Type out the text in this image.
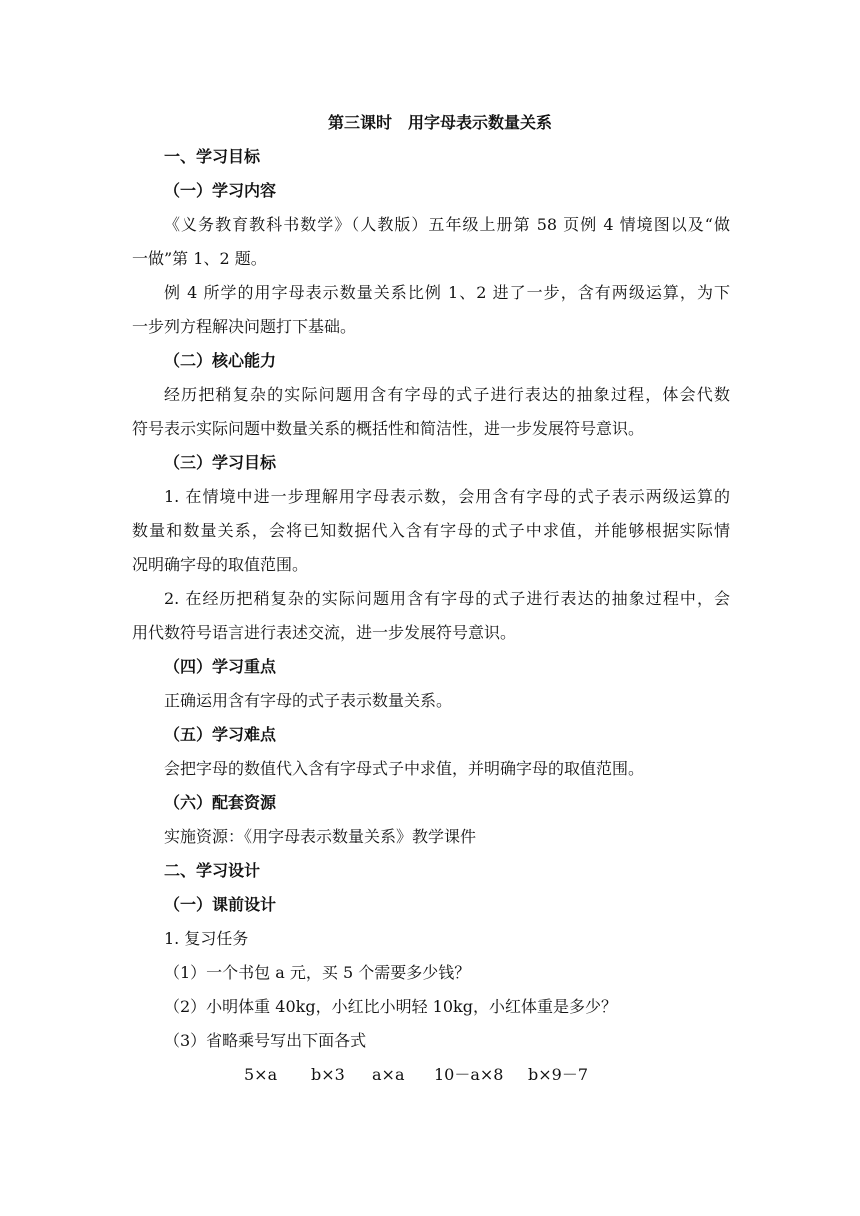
第三课时　用字母表示数量关系
一、学习目标
（一）学习内容
《义务教育教科书数学》（人教版）五年级上册第 58 页例 4 情境图以及“做
一做”第 1、2 题。
例 4 所学的用字母表示数量关系比例 1、2 进了一步，含有两级运算，为下
一步列方程解决问题打下基础。
（二）核心能力
经历把稍复杂的实际问题用含有字母的式子进行表达的抽象过程，体会代数
符号表示实际问题中数量关系的概括性和简洁性，进一步发展符号意识。
（三）学习目标
1. 在情境中进一步理解用字母表示数，会用含有字母的式子表示两级运算的
数量和数量关系，会将已知数据代入含有字母的式子中求值，并能够根据实际情
况明确字母的取值范围。
2. 在经历把稍复杂的实际问题用含有字母的式子进行表达的抽象过程中，会
用代数符号语言进行表述交流，进一步发展符号意识。
（四）学习重点
正确运用含有字母的式子表示数量关系。
（五）学习难点
会把字母的数值代入含有字母式子中求值，并明确字母的取值范围。
（六）配套资源
实施资源：《用字母表示数量关系》教学课件
二、学习设计
（一）课前设计
1. 复习任务
（1）一个书包 a 元，买 5 个需要多少钱？
（2）小明体重 40kg，小红比小明轻 10kg，小红体重是多少？
（3）省略乘号写出下面各式
5×a b×3 a×a 10－a×8 b×9－7
